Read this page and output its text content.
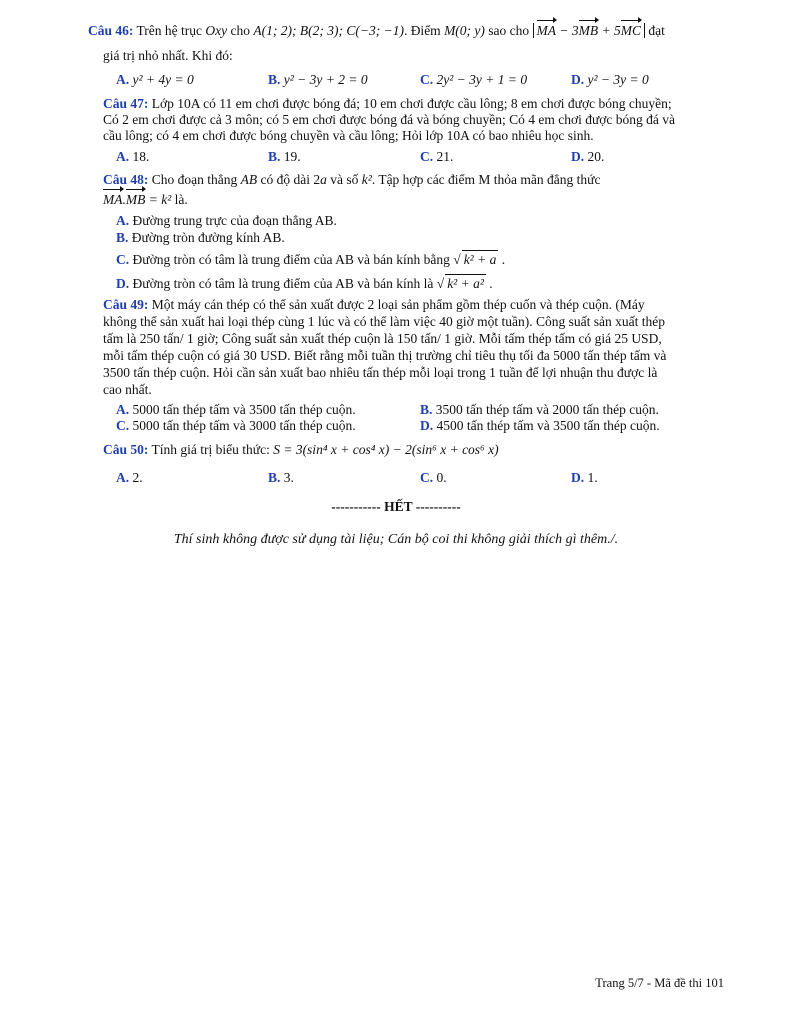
Câu 46: Trên hệ trục Oxy cho A(1; 2); B(2; 3); C(−3; −1). Điểm M(0; y) sao cho MA − 3MB + 5MC đạt
giá trị nhỏ nhất. Khi đó:
A. y² + 4y = 0	B. y² − 3y + 2 = 0	C. 2y² − 3y + 1 = 0	D. y² − 3y = 0
Câu 47: Lớp 10A có 11 em chơi được bóng đá; 10 em chơi được cầu lông; 8 em chơi được bóng chuyền;
Có 2 em chơi được cả 3 môn; có 5 em chơi được bóng đá và bóng chuyền; Có 4 em chơi được bóng đá và
cầu lông; có 4 em chơi được bóng chuyền và cầu lông; Hỏi lớp 10A có bao nhiêu học sinh.
A. 18.	B. 19.	C. 21.	D. 20.
Câu 48: Cho đoạn thẳng AB có độ dài 2a và số k². Tập hợp các điểm M thỏa mãn đẳng thức
MA.MB = k² là.
A. Đường trung trực của đoạn thẳng AB.
B. Đường tròn đường kính AB.
C. Đường tròn có tâm là trung điểm của AB và bán kính bằng √ k² + a .
D. Đường tròn có tâm là trung điểm của AB và bán kính là √ k² + a² .
Câu 49: Một máy cán thép có thể sản xuất được 2 loại sản phẩm gồm thép cuốn và thép cuộn. (Máy
không thể sản xuất hai loại thép cùng 1 lúc và có thể làm việc 40 giờ một tuần). Công suất sản xuất thép
tấm là 250 tấn/ 1 giờ; Công suất sản xuất thép cuộn là 150 tấn/ 1 giờ. Mỗi tấm thép tấm có giá 25 USD,
mỗi tấm thép cuộn có giá 30 USD. Biết rằng mỗi tuần thị trường chỉ tiêu thụ tối đa 5000 tấn thép tấm và
3500 tấn thép cuộn. Hỏi cần sản xuất bao nhiêu tấn thép mỗi loại trong 1 tuần để lợi nhuận thu được là
cao nhất.
A. 5000 tấn thép tấm và 3500 tấn thép cuộn.	B. 3500 tấn thép tấm và 2000 tấn thép cuộn.
C. 5000 tấn thép tấm và 3000 tấn thép cuộn.	D. 4500 tấn thép tấm và 3500 tấn thép cuộn.
Câu 50: Tính giá trị biểu thức: S = 3(sin⁴ x + cos⁴ x) − 2(sin⁶ x + cos⁶ x)
A. 2.	B. 3.	C. 0.	D. 1.
----------- HẾT ----------
Thí sinh không được sử dụng tài liệu; Cán bộ coi thi không giải thích gì thêm./.
Trang 5/7 - Mã đề thi 101
